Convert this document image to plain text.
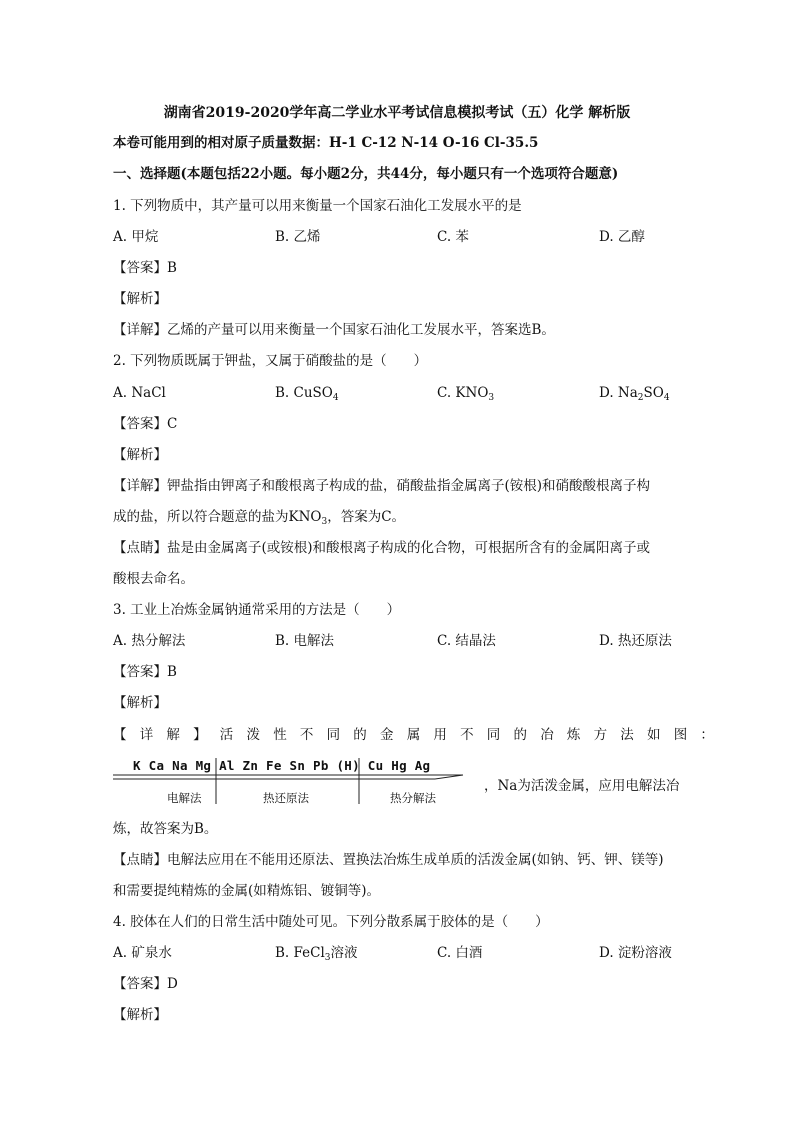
湖南省2019-2020学年高二学业水平考试信息模拟考试（五）化学 解析版
本卷可能用到的相对原子质量数据：H-1 C-12 N-14 O-16 Cl-35.5
一、选择题(本题包括22小题。每小题2分，共44分，每小题只有一个选项符合题意)
1. 下列物质中，其产量可以用来衡量一个国家石油化工发展水平的是
A. 甲烷	B. 乙烯	C. 苯	D. 乙醇
【答案】B
【解析】
【详解】乙烯的产量可以用来衡量一个国家石油化工发展水平，答案选B。
2. 下列物质既属于钾盐，又属于硝酸盐的是（　　）
A. NaCl	B. CuSO$_4$	C. $KNO_3$	D. $Na_2SO_4$
【答案】C
【解析】
【详解】钾盐指由钾离子和酸根离子构成的盐，硝酸盐指金属离子(铵根)和硝酸酸根离子构
成的盐，所以符合题意的盐为$KNO_3$，答案为C。
【点睛】盐是由金属离子(或铵根)和酸根离子构成的化合物，可根据所含有的金属阳离子或
酸根去命名。
3. 工业上冶炼金属钠通常采用的方法是（　　）
A. 热分解法	B. 电解法	C. 结晶法	D. 热还原法
【答案】B
【解析】
【详解】活泼性不同的金属用不同的冶炼方法如图：
K Ca Na Mg Al Zn Fe Sn Pb (H) Cu Hg Ag
电解法	热还原法	热分解法
，Na为活泼金属，应用电解法冶
炼，故答案为B。
【点睛】电解法应用在不能用还原法、置换法冶炼生成单质的活泼金属(如钠、钙、钾、镁等)
和需要提纯精炼的金属(如精炼铝、镀铜等)。
4. 胶体在人们的日常生活中随处可见。下列分散系属于胶体的是（　　）
A. 矿泉水	B. FeCl$_3$溶液	C. 白酒	D. 淀粉溶液
【答案】D
【解析】
